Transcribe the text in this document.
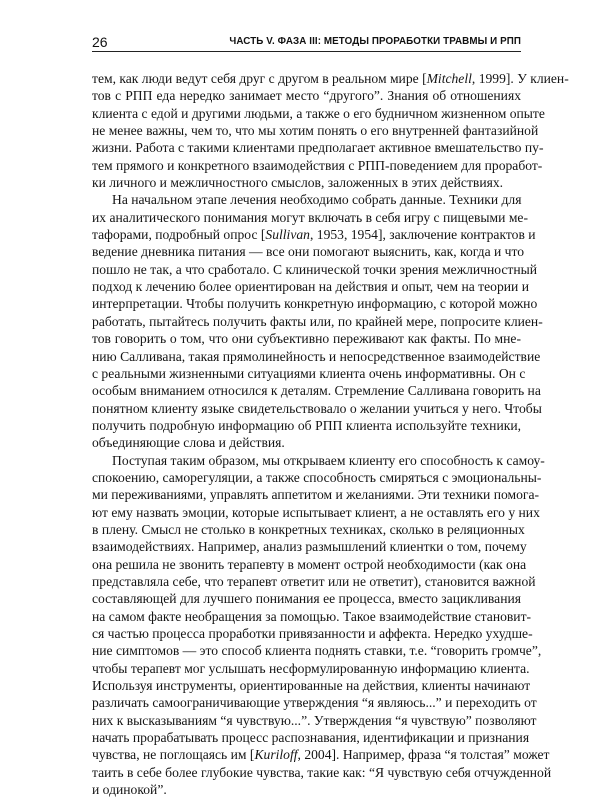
26	ЧАСТЬ V. ФАЗА III: МЕТОДЫ ПРОРАБОТКИ ТРАВМЫ И РПП
тем, как люди ведут себя друг с другом в реальном мире [Mitchell, 1999]. У клиен-
тов с РПП еда нередко занимает место “другого”. Знания об отношениях
клиента с едой и другими людьми, а также о его будничном жизненном опыте
не менее важны, чем то, что мы хотим понять о его внутренней фантазийной
жизни. Работа с такими клиентами предполагает активное вмешательство пу-
тем прямого и конкретного взаимодействия с РПП-поведением для проработ-
ки личного и межличностного смыслов, заложенных в этих действиях.
На начальном этапе лечения необходимо собрать данные. Техники для
их аналитического понимания могут включать в себя игру с пищевыми ме-
тафорами, подробный опрос [Sullivan, 1953, 1954], заключение контрактов и
ведение дневника питания — все они помогают выяснить, как, когда и что
пошло не так, а что сработало. С клинической точки зрения межличностный
подход к лечению более ориентирован на действия и опыт, чем на теории и
интерпретации. Чтобы получить конкретную информацию, с которой можно
работать, пытайтесь получить факты или, по крайней мере, попросите клиен-
тов говорить о том, что они субъективно переживают как факты. По мне-
нию Салливана, такая прямолинейность и непосредственное взаимодействие
с реальными жизненными ситуациями клиента очень информативны. Он с
особым вниманием относился к деталям. Стремление Салливана говорить на
понятном клиенту языке свидетельствовало о желании учиться у него. Чтобы
получить подробную информацию об РПП клиента используйте техники,
объединяющие слова и действия.
Поступая таким образом, мы открываем клиенту его способность к самоу-
спокоению, саморегуляции, а также способность смиряться с эмоциональны-
ми переживаниями, управлять аппетитом и желаниями. Эти техники помога-
ют ему назвать эмоции, которые испытывает клиент, а не оставлять его у них
в плену. Смысл не столько в конкретных техниках, сколько в реляционных
взаимодействиях. Например, анализ размышлений клиентки о том, почему
она решила не звонить терапевту в момент острой необходимости (как она
представляла себе, что терапевт ответит или не ответит), становится важной
составляющей для лучшего понимания ее процесса, вместо зацикливания
на самом факте необращения за помощью. Такое взаимодействие становит-
ся частью процесса проработки привязанности и аффекта. Нередко ухудше-
ние симптомов — это способ клиента поднять ставки, т.е. “говорить громче”,
чтобы терапевт мог услышать несформулированную информацию клиента.
Используя инструменты, ориентированные на действия, клиенты начинают
различать самоограничивающие утверждения “я являюсь...” и переходить от
них к высказываниям “я чувствую...”. Утверждения “я чувствую” позволяют
начать прорабатывать процесс распознавания, идентификации и признания
чувства, не поглощаясь им [Kuriloff, 2004]. Например, фраза “я толстая” может
таить в себе более глубокие чувства, такие как: “Я чувствую себя отчужденной
и одинокой”.
